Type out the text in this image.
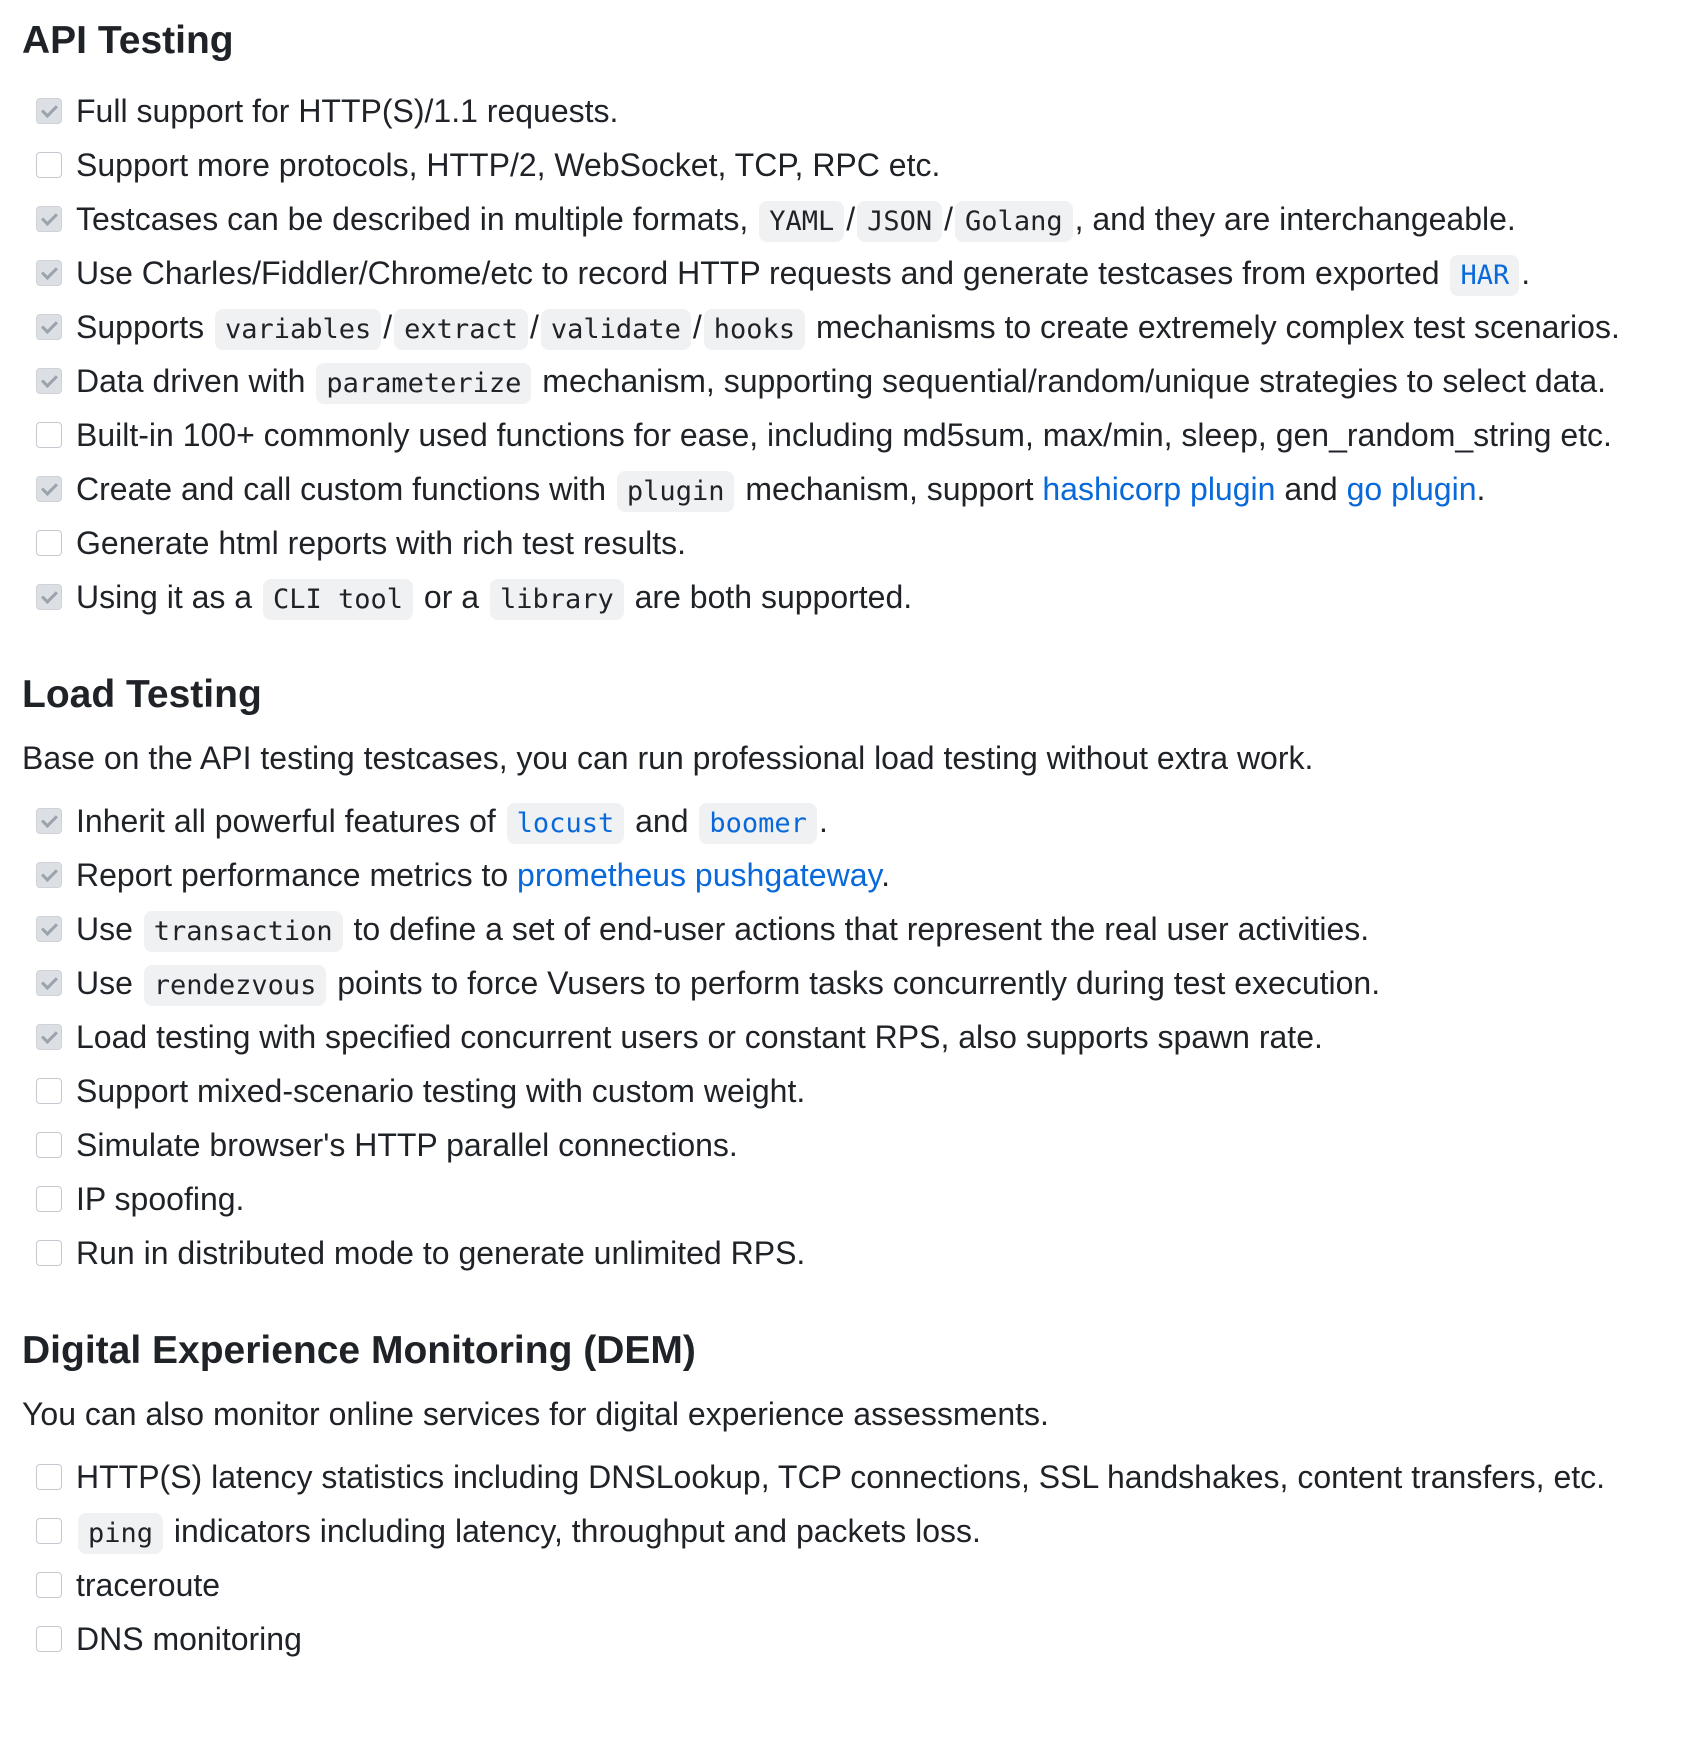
API Testing
Full support for HTTP(S)/1.1 requests.
Support more protocols, HTTP/2, WebSocket, TCP, RPC etc.
Testcases can be described in multiple formats, YAML / JSON / Golang , and they are interchangeable.
Use Charles/Fiddler/Chrome/etc to record HTTP requests and generate testcases from exported HAR .
Supports variables / extract / validate / hooks mechanisms to create extremely complex test scenarios.
Data driven with parameterize mechanism, supporting sequential/random/unique strategies to select data.
Built-in 100+ commonly used functions for ease, including md5sum, max/min, sleep, gen_random_string etc.
Create and call custom functions with plugin mechanism, support hashicorp plugin and go plugin.
Generate html reports with rich test results.
Using it as a CLI tool or a library are both supported.
Load Testing

Base on the API testing testcases, you can run professional load testing without extra work.

Inherit all powerful features of locust and boomer .
Report performance metrics to prometheus pushgateway.
Use transaction to define a set of end-user actions that represent the real user activities.
Use rendezvous points to force Vusers to perform tasks concurrently during test execution.
Load testing with specified concurrent users or constant RPS, also supports spawn rate.
Support mixed-scenario testing with custom weight.
Simulate browser's HTTP parallel connections.
IP spoofing.
Run in distributed mode to generate unlimited RPS.
Digital Experience Monitoring (DEM)

You can also monitor online services for digital experience assessments.

HTTP(S) latency statistics including DNSLookup, TCP connections, SSL handshakes, content transfers, etc.
ping indicators including latency, throughput and packets loss.
traceroute
DNS monitoring
